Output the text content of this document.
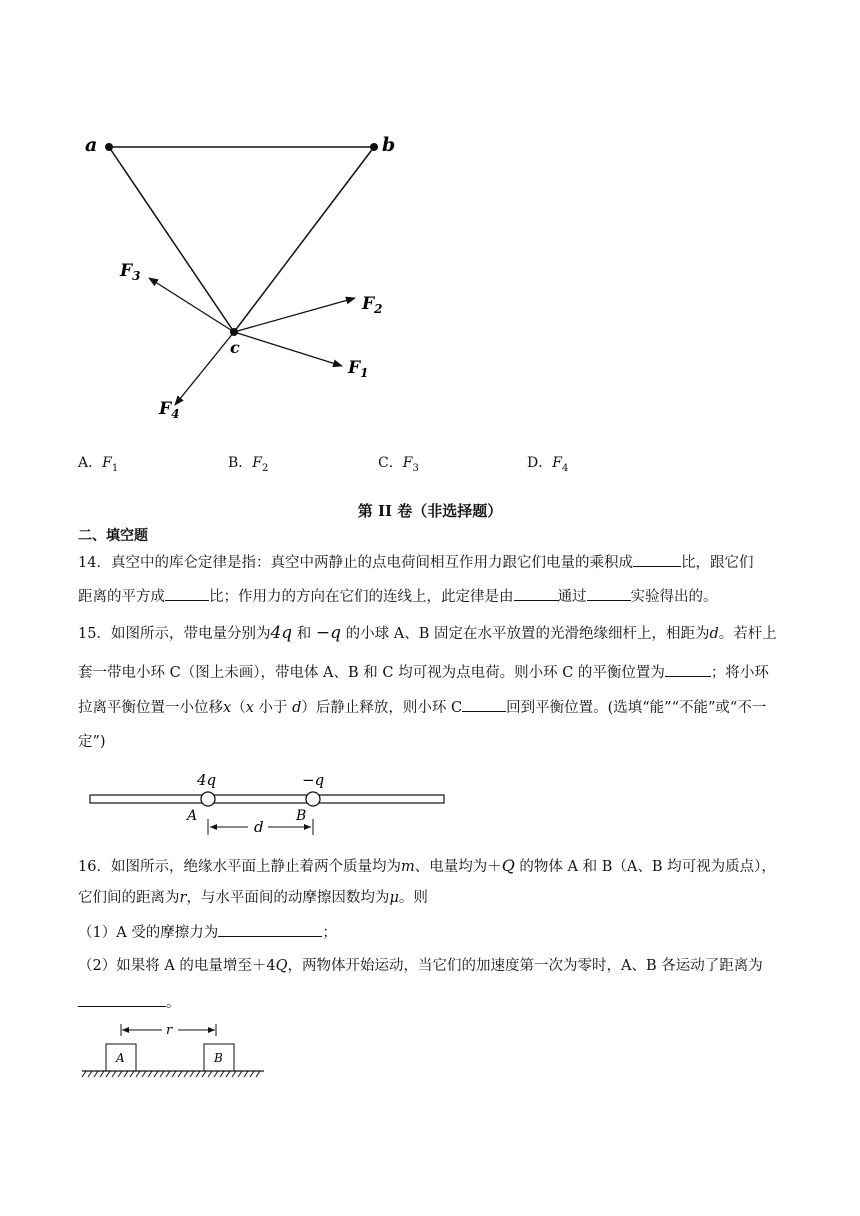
a	b
c
$F_1$
$F_2$
$F_3$
$F_4$
A．$F_1$	B．$F_2$	C．$F_3$	D．$F_4$
第 II 卷（非选择题）
二、填空题
14．真空中的库仑定律是指：真空中两静止的点电荷间相互作用力跟它们电量的乘积成	比，跟它们
距离的平方成	比；作用力的方向在它们的连线上，此定律是由	通过	实验得出的。
15．如图所示，带电量分别为4q 和 −q 的小球 A、B 固定在水平放置的光滑绝缘细杆上，相距为d。若杆上
套一带电小环 C（图上未画），带电体 A、B 和 C 均可视为点电荷。则小环 C 的平衡位置为	；将小环
拉离平衡位置一小位移x（x 小于 d）后静止释放，则小环 C	回到平衡位置。(选填“能”“不能”或“不一
定”)
4q	−q
A	B
d
16．如图所示，绝缘水平面上静止着两个质量均为m、电量均为＋Q 的物体 A 和 B（A、B 均可视为质点），
它们间的距离为r，与水平面间的动摩擦因数均为μ。则
（1）A 受的摩擦力为	；
（2）如果将 A 的电量增至＋4Q，两物体开始运动，当它们的加速度第一次为零时，A、B 各运动了距离为
。
r
A	B
